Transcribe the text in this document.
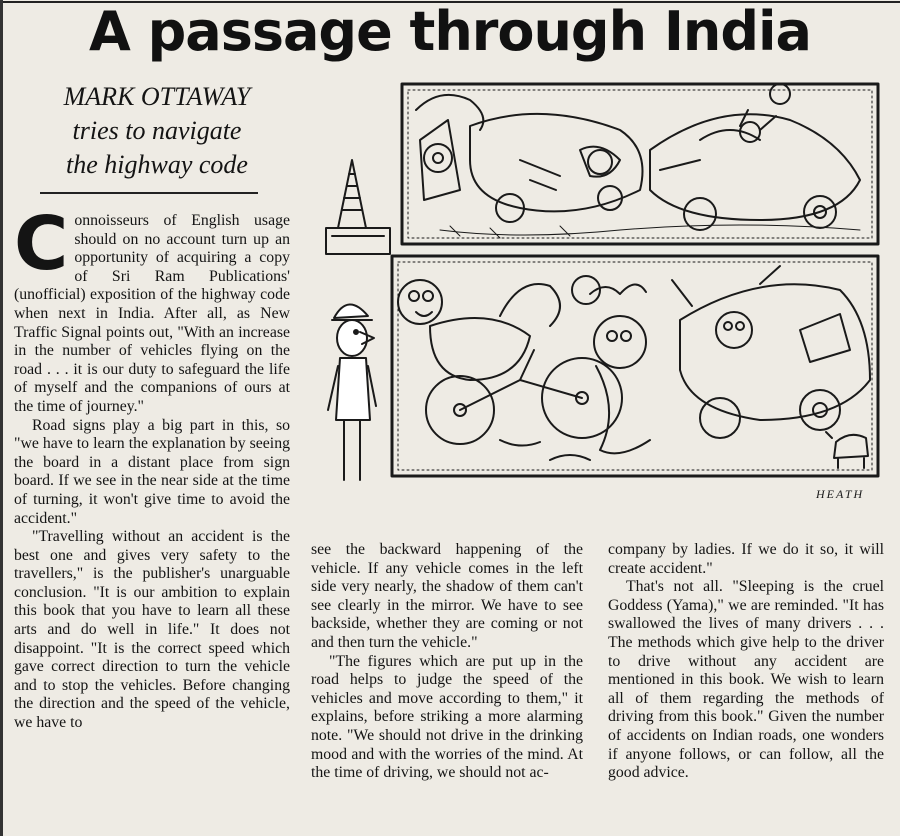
A passage through India
MARK OTTAWAY
tries to navigate
the highway code
HEATH

Connoisseurs of English usage should on no account turn up an opportunity of acquiring a copy of Sri Ram Publications' (unofficial) exposition of the highway code when next in India. After all, as New Traffic Signal points out, "With an increase in the number of vehicles flying on the road . . . it is our duty to safeguard the life of myself and the companions of ours at the time of journey."

Road signs play a big part in this, so "we have to learn the explanation by seeing the board in a distant place from sign board. If we see in the near side at the time of turning, it won't give time to avoid the accident."

"Travelling without an accident is the best one and gives very safety to the travellers," is the publisher's unarguable conclusion. "It is our ambition to explain this book that you have to learn all these arts and do well in life." It does not disappoint. "It is the correct speed which gave correct direction to turn the vehicle and to stop the vehicles. Before changing the direction and the speed of the vehicle, we have to

see the backward happening of the vehicle. If any vehicle comes in the left side very nearly, the shadow of them can't see clearly in the mirror. We have to see backside, whether they are coming or not and then turn the vehicle."

"The figures which are put up in the road helps to judge the speed of the vehicles and move according to them," it explains, before striking a more alarming note. "We should not drive in the drinking mood and with the worries of the mind. At the time of driving, we should not ac-

company by ladies. If we do it so, it will create accident."

That's not all. "Sleeping is the cruel Goddess (Yama)," we are reminded. "It has swallowed the lives of many drivers . . . The methods which give help to the driver to drive without any accident are mentioned in this book. We wish to learn all of them regarding the methods of driving from this book." Given the number of accidents on Indian roads, one wonders if anyone follows, or can follow, all the good advice.
